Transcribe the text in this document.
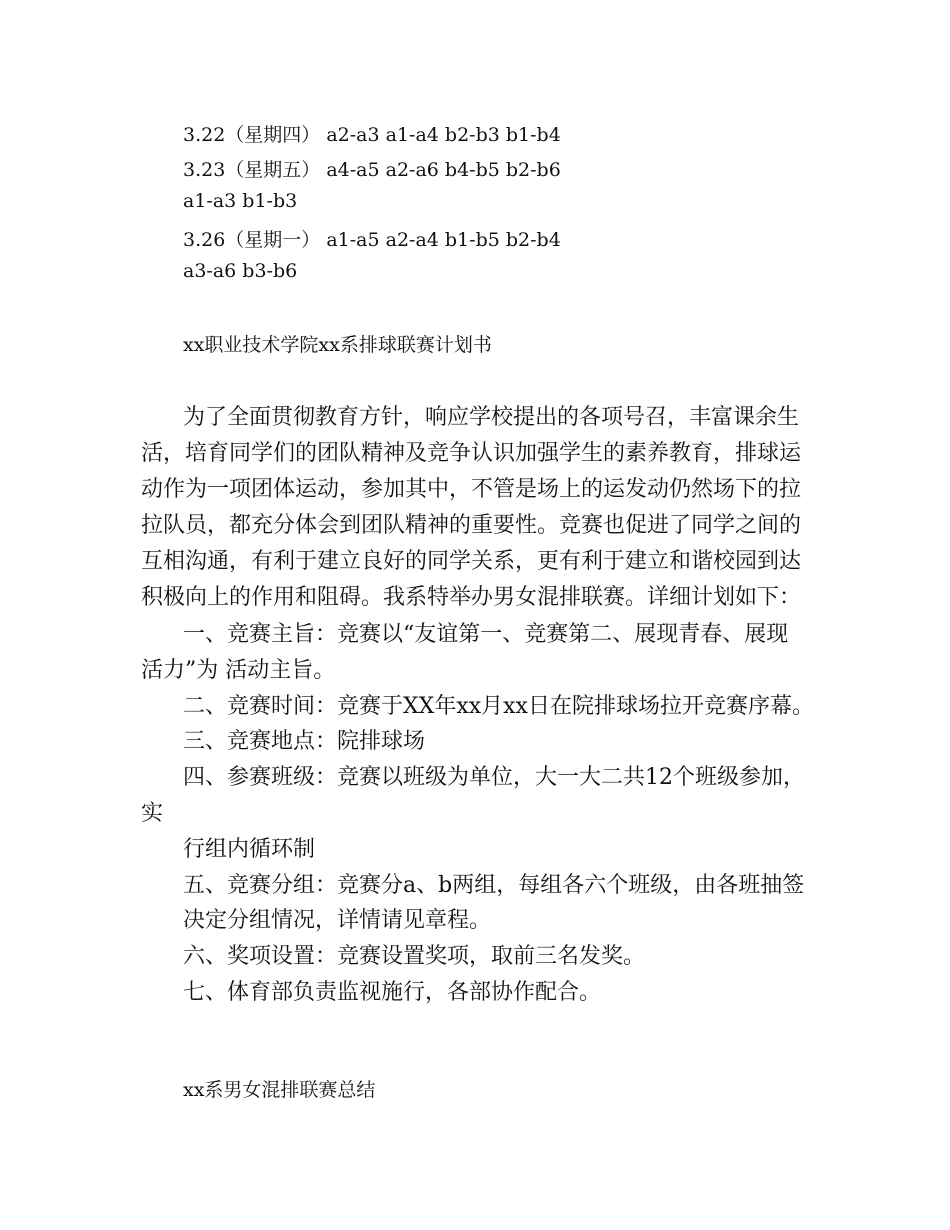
3.22（星期四） a2-a3 a1-a4 b2-b3 b1-b4
3.23（星期五） a4-a5 a2-a6 b4-b5 b2-b6
a1-a3 b1-b3
3.26（星期一） a1-a5 a2-a4 b1-b5 b2-b4
a3-a6 b3-b6
xx职业技术学院xx系排球联赛计划书
为了全面贯彻教育方针，响应学校提出的各项号召，丰富课余生
活，培育同学们的团队精神及竞争认识加强学生的素养教育，排球运
动作为一项团体运动，参加其中，不管是场上的运发动仍然场下的拉
拉队员，都充分体会到团队精神的重要性。竞赛也促进了同学之间的
互相沟通，有利于建立良好的同学关系，更有利于建立和谐校园到达
积极向上的作用和阻碍。我系特举办男女混排联赛。详细计划如下：
一、竞赛主旨：竞赛以“友谊第一、竞赛第二、展现青春、展现
活力”为 活动主旨。
二、竞赛时间：竞赛于XX年xx月xx日在院排球场拉开竞赛序幕。
三、竞赛地点：院排球场
四、参赛班级：竞赛以班级为单位，大一大二共12个班级参加，
实
行组内循环制
五、竞赛分组：竞赛分a、b两组，每组各六个班级，由各班抽签
决定分组情况，详情请见章程。
六、奖项设置：竞赛设置奖项，取前三名发奖。
七、体育部负责监视施行，各部协作配合。
xx系男女混排联赛总结
